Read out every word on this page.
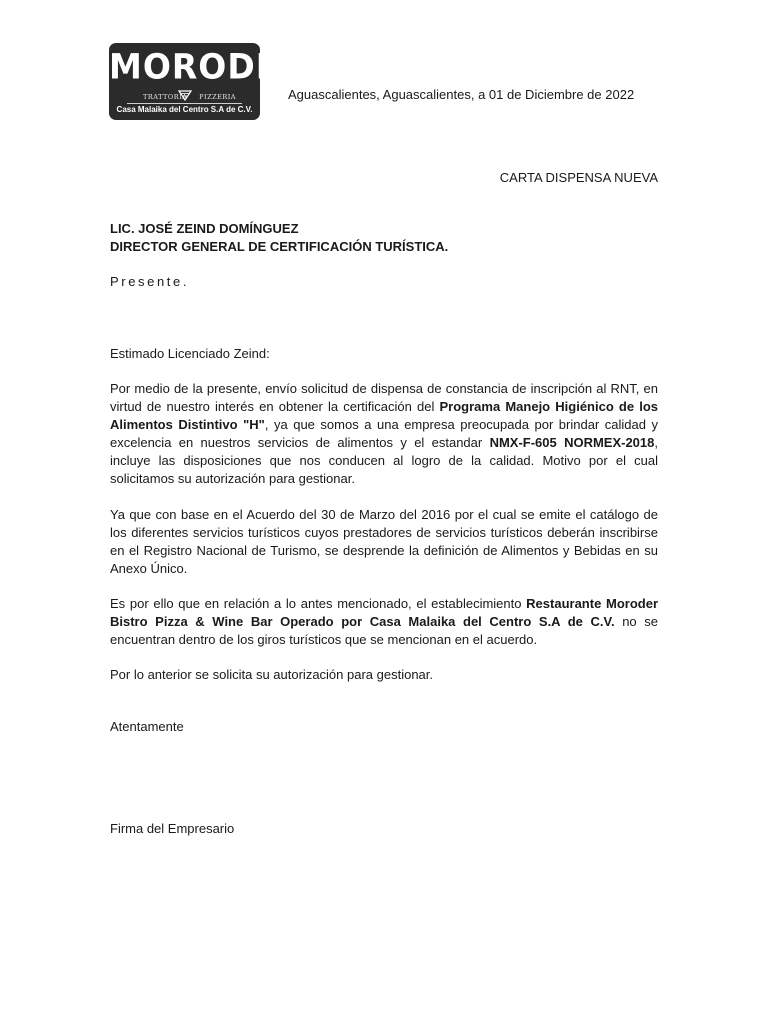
MORODER
TRATTORIA PIZZERIA
Casa Malaika del Centro S.A de C.V.
Aguascalientes, Aguascalientes, a 01 de Diciembre de 2022
CARTA DISPENSA NUEVA
LIC. JOSÉ ZEIND DOMÍNGUEZ
DIRECTOR GENERAL DE CERTIFICACIÓN TURÍSTICA.
Presente.
Estimado Licenciado Zeind:
Por medio de la presente, envío solicitud de dispensa de constancia de inscripción al RNT, en virtud de nuestro interés en obtener la certificación del Programa Manejo Higiénico de los Alimentos Distintivo "H", ya que somos a una empresa preocupada por brindar calidad y excelencia en nuestros servicios de alimentos y el estandar NMX-F-605 NORMEX-2018, incluye las disposiciones que nos conducen al logro de la calidad. Motivo por el cual solicitamos su autorización para gestionar.
Ya que con base en el Acuerdo del 30 de Marzo del 2016 por el cual se emite el catálogo de los diferentes servicios turísticos cuyos prestadores de servicios turísticos deberán inscribirse en el Registro Nacional de Turismo, se desprende la definición de Alimentos y Bebidas en su Anexo Único.
Es por ello que en relación a lo antes mencionado, el establecimiento Restaurante Moroder Bistro Pizza & Wine Bar Operado por Casa Malaika del Centro S.A de C.V. no se encuentran dentro de los giros turísticos que se mencionan en el acuerdo.
Por lo anterior se solicita su autorización para gestionar.
Atentamente
Firma del Empresario
